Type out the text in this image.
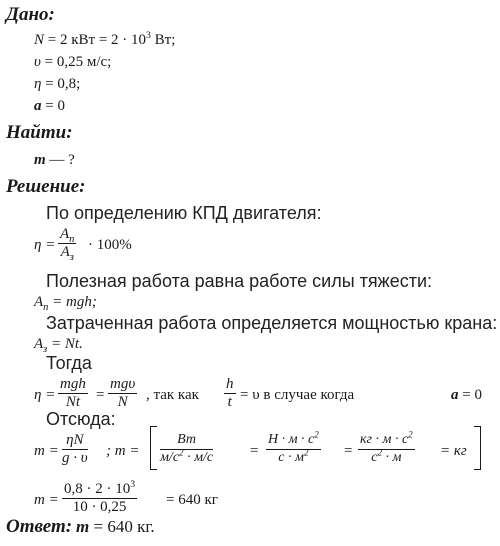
Дано:
N = 2 кВт = $2 \cdot 10^3$ Вт;
υ = 0,25 м/с;
η = 0,8;
a = 0
Найти:
m — ?
Решение:
По определению КПД двигателя:
η =
$A_п$
$A_з$
· 100%
Полезная работа равна работе силы тяжести:
$A_п$ = mgh;
Затраченная работа определяется мощностью крана:
$A_з = Nt$.
Тогда
η =
mgh
Nt	=
mgυ
N	, так как $\frac{h}{t} = \upsilon$ в случае когда	a = 0
Отсюда:
$m = \frac{\eta N}{g \cdot \upsilon}$ ; m =
Вт
$м/с^2 \cdot м/с$ =
$Н \cdot м \cdot с^2$
$с \cdot м^2$	=
кг · $м \cdot с^2$
$с^2 \cdot м$	= кг
$m = \frac{0,8 \cdot 2 \cdot 10^3}{10 \cdot 0,25} = 640$ кг
Ответ: m = 640 кг.
